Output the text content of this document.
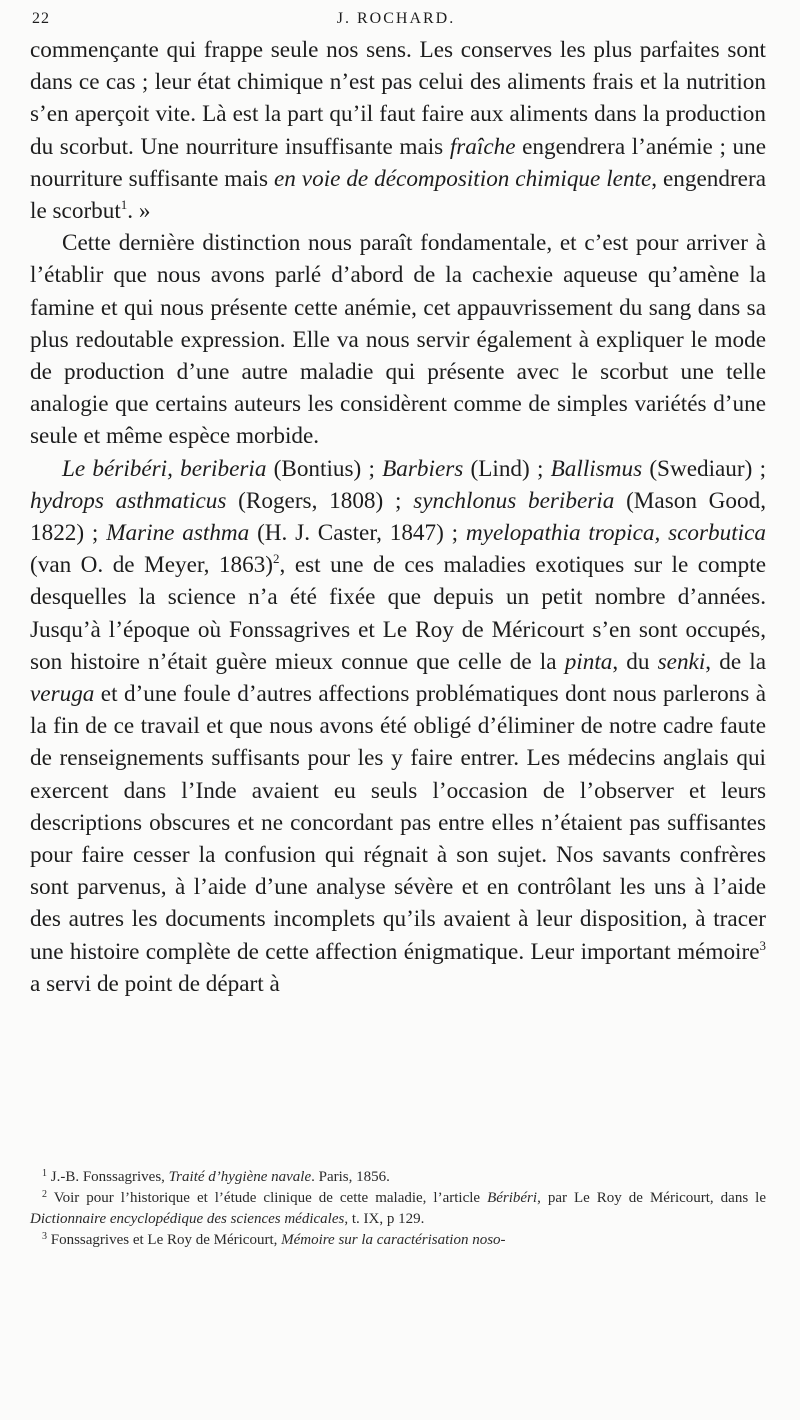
22	J. ROCHARD.

commençante qui frappe seule nos sens. Les conserves les plus parfaites sont dans ce cas ; leur état chimique n’est pas celui des aliments frais et la nutrition s’en aperçoit vite. Là est la part qu’il faut faire aux aliments dans la production du scorbut. Une nourriture insuffisante mais fraîche engendrera l’anémie ; une nourriture suffisante mais en voie de décomposition chimique lente, engendrera le scorbut$^1$. »

Cette dernière distinction nous paraît fondamentale, et c’est pour arriver à l’établir que nous avons parlé d’abord de la cachexie aqueuse qu’amène la famine et qui nous présente cette anémie, cet appauvrissement du sang dans sa plus redoutable expression. Elle va nous servir également à expliquer le mode de production d’une autre maladie qui présente avec le scorbut une telle analogie que certains auteurs les considèrent comme de simples variétés d’une seule et même espèce morbide.

Le béribéri, beriberia (Bontius) ; Barbiers (Lind) ; Ballismus (Swediaur) ; hydrops asthmaticus (Rogers, 1808) ; synchlonus beriberia (Mason Good, 1822) ; Marine asthma (H. J. Caster, 1847) ; myelopathia tropica, scorbutica (van O. de Meyer, 1863)$^2$, est une de ces maladies exotiques sur le compte desquelles la science n’a été fixée que depuis un petit nombre d’années. Jusqu’à l’époque où Fonssagrives et Le Roy de Méricourt s’en sont occupés, son histoire n’était guère mieux connue que celle de la pinta, du senki, de la veruga et d’une foule d’autres affections problématiques dont nous parlerons à la fin de ce travail et que nous avons été obligé d’éliminer de notre cadre faute de renseignements suffisants pour les y faire entrer. Les médecins anglais qui exercent dans l’Inde avaient eu seuls l’occasion de l’observer et leurs descriptions obscures et ne concordant pas entre elles n’étaient pas suffisantes pour faire cesser la confusion qui régnait à son sujet. Nos savants confrères sont parvenus, à l’aide d’une analyse sévère et en contrôlant les uns à l’aide des autres les documents incomplets qu’ils avaient à leur disposition, à tracer une histoire complète de cette affection énigmatique. Leur important mémoire$^3$ a servi de point de départ à

$^1$ J.-B. Fonssagrives, Traité d’hygiène navale. Paris, 1856.

$^2$ Voir pour l’historique et l’étude clinique de cette maladie, l’article Béribéri, par Le Roy de Méricourt, dans le Dictionnaire encyclopédique des sciences médicales, t. IX, p 129.

$^3$ Fonssagrives et Le Roy de Méricourt, Mémoire sur la caractérisation noso-
